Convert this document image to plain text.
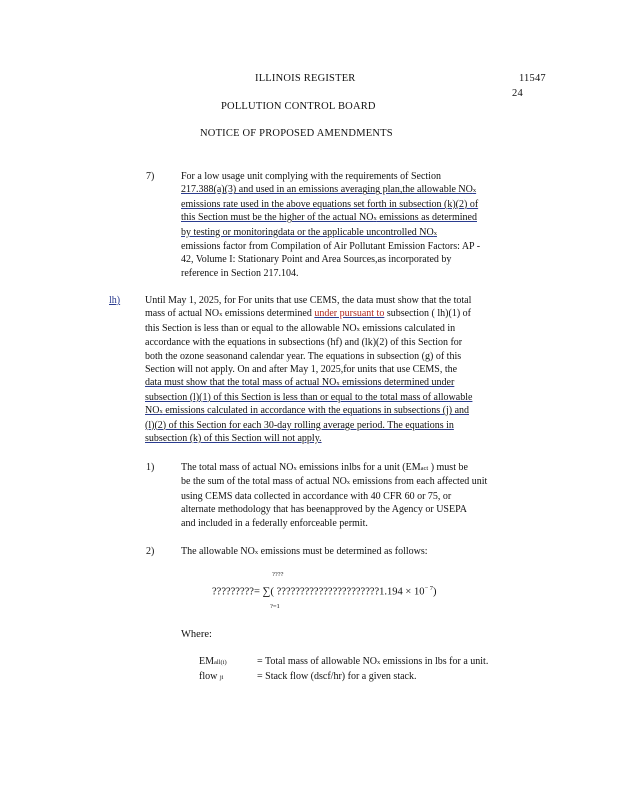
ILLINOIS REGISTER	11547
24
POLLUTION CONTROL BOARD
NOTICE OF PROPOSED AMENDMENTS
7)	For a low usage unit complying with the requirements of Section
217.388(a)(3) and used in an emissions averaging plan,the allowable NOx
emissions rate used in the above equations set forth in subsection (k)(2) of
this Section must be the higher of the actual NOx emissions as determined
by testing or monitoringdata or the applicable uncontrolled NOx
emissions factor from Compilation of Air Pollutant Emission Factors: AP -
42, Volume I: Stationary Point and Area Sources,as incorporated by
reference in Section 217.104.
lh) Until May 1, 2025, for For units that use CEMS, the data must show that the total
mass of actual NOx emissions determined under pursuant to subsection ( lh)(1) of
this Section is less than or equal to the allowable NOx emissions calculated in
accordance with the equations in subsections (hf) and (lk)(2) of this Section for
both the ozone seasonand calendar year. The equations in subsection (g) of this
Section will not apply. On and after May 1, 2025,for units that use CEMS, the
data must show that the total mass of actual NOx emissions determined under
subsection (l)(1) of this Section is less than or equal to the total mass of allowable
NOx emissions calculated in accordance with the equations in subsections (j) and
(l)(2) of this Section for each 30-day rolling average period. The equations in
subsection (k) of this Section will not apply.
1)	The total mass of actual NOx emissions inlbs for a unit (EMact ) must be
be the sum of the total mass of actual NOx emissions from each affected unit
using CEMS data collected in accordance with 40 CFR 60 or 75, or
alternate methodology that has beenapproved by the Agency or USEPA
and included in a federally enforceable permit.
2)	The allowable NOx emissions must be determined as follows:
????
?????????= ∑( ??????????????????????1.194 × $10^{- 7}$)
?=1
Where:
EMall(i)	= Total mass of allowable NOx emissions in lbs for a unit.
flow ji	= Stack flow (dscf/hr) for a given stack.
